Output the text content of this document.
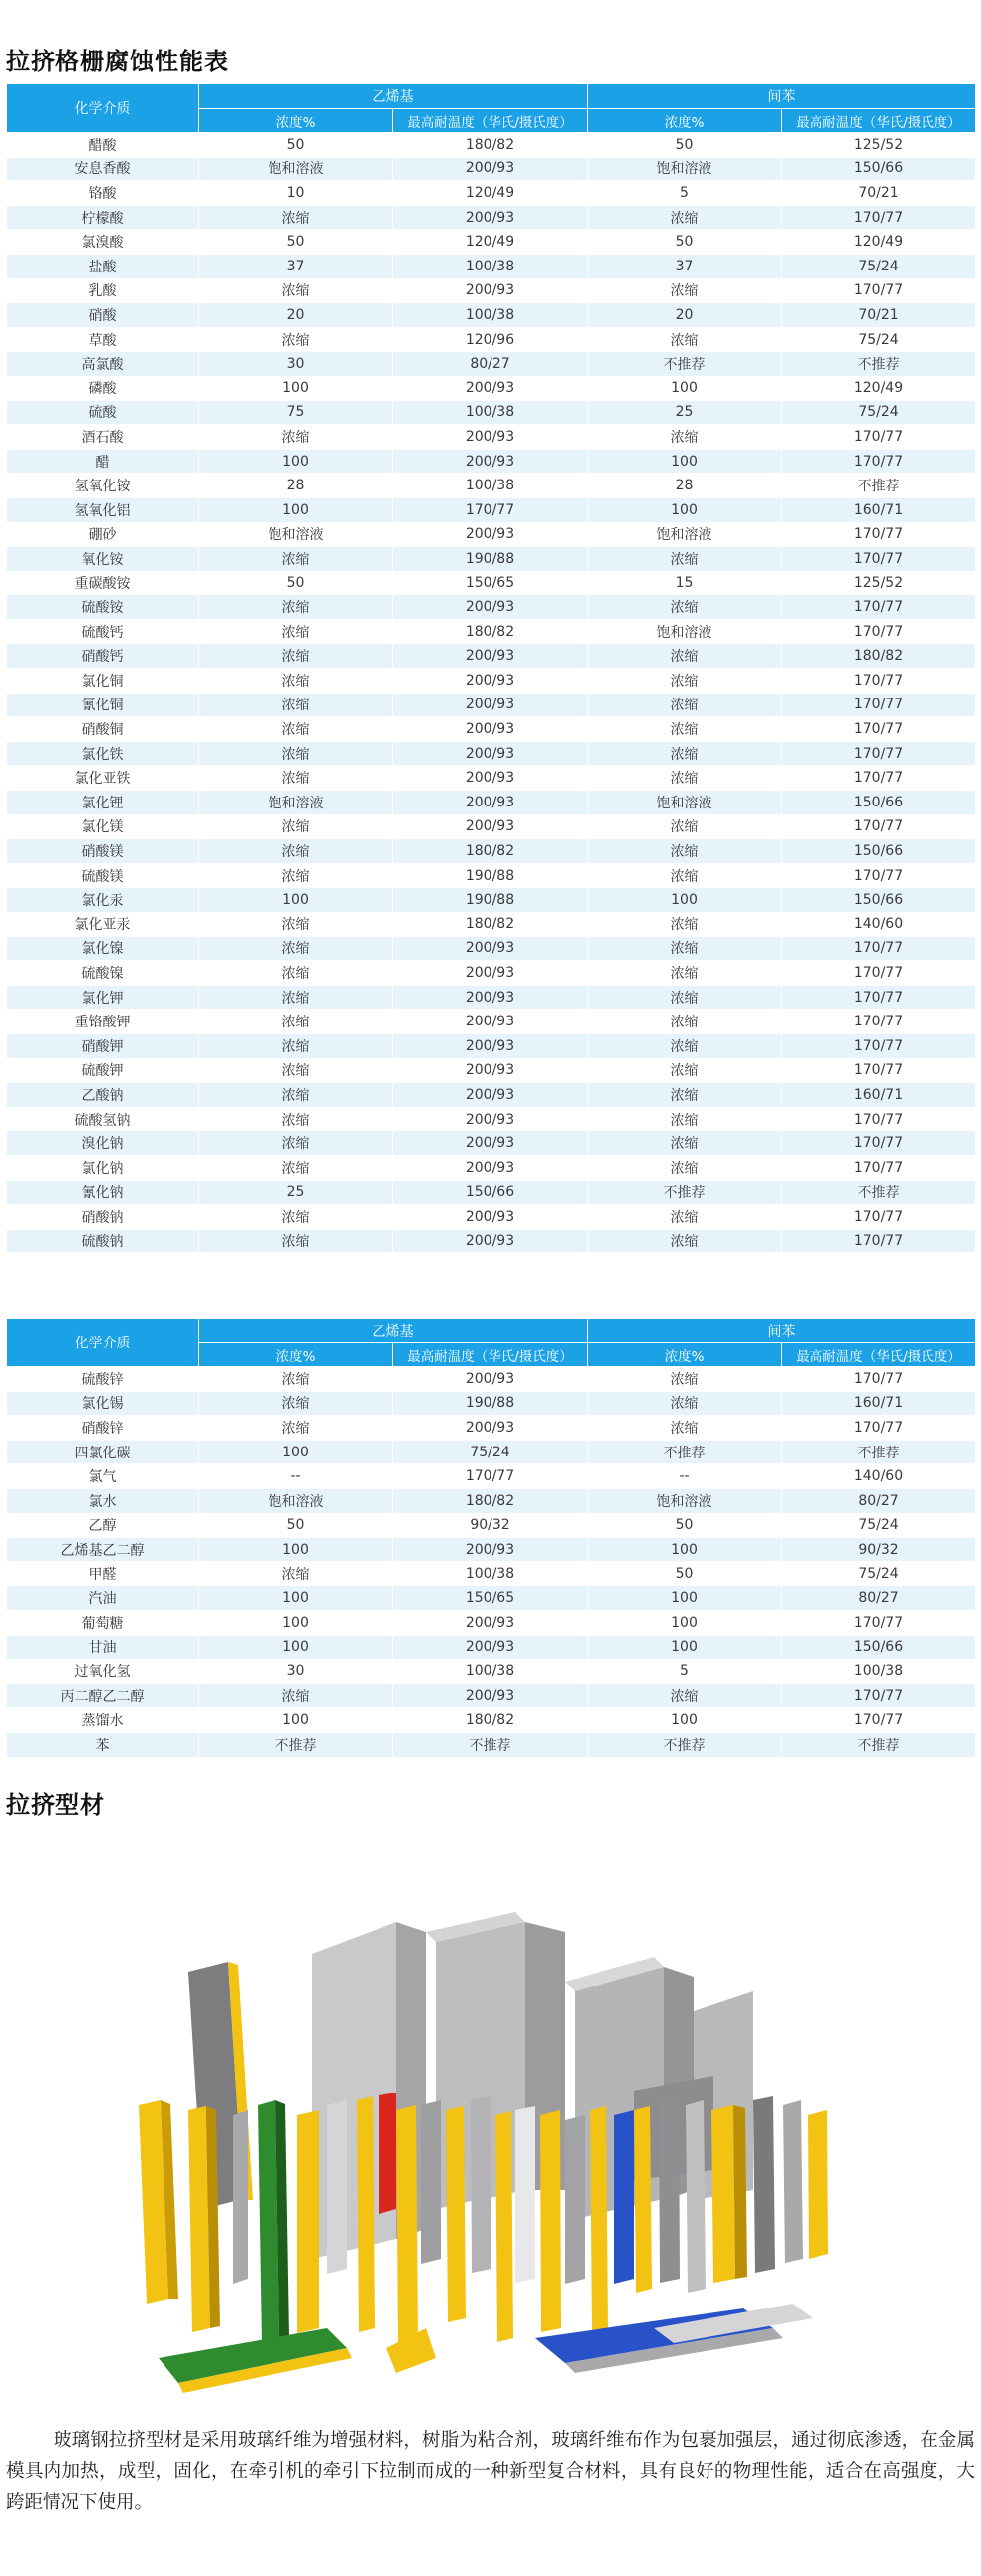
拉挤格栅腐蚀性能表
化学介质	乙烯基		间苯	
	浓度%	最高耐温度（华氏/摄氏度）	浓度%	最高耐温度（华氏/摄氏度）
醋酸	50	180/82	50	125/52
安息香酸	饱和溶液	200/93	饱和溶液	150/66
铬酸	10	120/49	5	70/21
柠檬酸	浓缩	200/93	浓缩	170/77
氯溴酸	50	120/49	50	120/49
盐酸	37	100/38	37	75/24
乳酸	浓缩	200/93	浓缩	170/77
硝酸	20	100/38	20	70/21
草酸	浓缩	120/96	浓缩	75/24
高氯酸	30	80/27	不推荐	不推荐
磷酸	100	200/93	100	120/49
硫酸	75	100/38	25	75/24
酒石酸	浓缩	200/93	浓缩	170/77
醋	100	200/93	100	170/77
氢氧化铵	28	100/38	28	不推荐
氢氧化铝	100	170/77	100	160/71
硼砂	饱和溶液	200/93	饱和溶液	170/77
氧化铵	浓缩	190/88	浓缩	170/77
重碳酸铵	50	150/65	15	125/52
硫酸铵	浓缩	200/93	浓缩	170/77
硫酸钙	浓缩	180/82	饱和溶液	170/77
硝酸钙	浓缩	200/93	浓缩	180/82
氯化铜	浓缩	200/93	浓缩	170/77
氰化铜	浓缩	200/93	浓缩	170/77
硝酸铜	浓缩	200/93	浓缩	170/77
氯化铁	浓缩	200/93	浓缩	170/77
氯化亚铁	浓缩	200/93	浓缩	170/77
氯化锂	饱和溶液	200/93	饱和溶液	150/66
氯化镁	浓缩	200/93	浓缩	170/77
硝酸镁	浓缩	180/82	浓缩	150/66
硫酸镁	浓缩	190/88	浓缩	170/77
氯化汞	100	190/88	100	150/66
氯化亚汞	浓缩	180/82	浓缩	140/60
氯化镍	浓缩	200/93	浓缩	170/77
硫酸镍	浓缩	200/93	浓缩	170/77
氯化钾	浓缩	200/93	浓缩	170/77
重铬酸钾	浓缩	200/93	浓缩	170/77
硝酸钾	浓缩	200/93	浓缩	170/77
硫酸钾	浓缩	200/93	浓缩	170/77
乙酸钠	浓缩	200/93	浓缩	160/71
硫酸氢钠	浓缩	200/93	浓缩	170/77
溴化钠	浓缩	200/93	浓缩	170/77
氯化钠	浓缩	200/93	浓缩	170/77
氰化钠	25	150/66	不推荐	不推荐
硝酸钠	浓缩	200/93	浓缩	170/77
硫酸钠	浓缩	200/93	浓缩	170/77
化学介质	乙烯基		间苯	
	浓度%	最高耐温度（华氏/摄氏度）	浓度%	最高耐温度（华氏/摄氏度）
硫酸锌	浓缩	200/93	浓缩	170/77
氯化锡	浓缩	190/88	浓缩	160/71
硝酸锌	浓缩	200/93	浓缩	170/77
四氯化碳	100	75/24	不推荐	不推荐
氯气	--	170/77	--	140/60
氯水	饱和溶液	180/82	饱和溶液	80/27
乙醇	50	90/32	50	75/24
乙烯基乙二醇	100	200/93	100	90/32
甲醛	浓缩	100/38	50	75/24
汽油	100	150/65	100	80/27
葡萄糖	100	200/93	100	170/77
甘油	100	200/93	100	150/66
过氧化氢	30	100/38	5	100/38
丙二醇乙二醇	浓缩	200/93	浓缩	170/77
蒸馏水	100	180/82	100	170/77
苯	不推荐	不推荐	不推荐	不推荐
拉挤型材
玻璃钢拉挤型材是采用玻璃纤维为增强材料，树脂为粘合剂，玻璃纤维布作为包裹加强层，通过彻底渗透，在金属模具内加热，成型，固化，在牵引机的牵引下拉制而成的一种新型复合材料，具有良好的物理性能，适合在高强度，大跨距情况下使用。
